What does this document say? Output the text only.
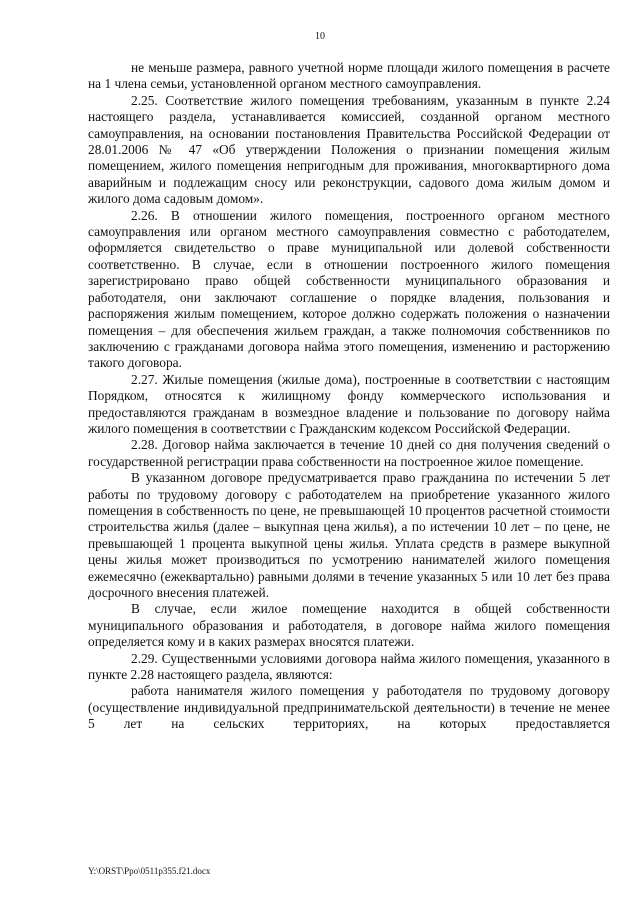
10

не меньше размера, равного учетной норме площади жилого помещения в расчете на 1 члена семьи, установленной органом местного самоуправления.

2.25. Соответствие жилого помещения требованиям, указанным в пункте 2.24 настоящего раздела, устанавливается комиссией, созданной органом местного самоуправления, на основании постановления Правительства Российской Федерации от 28.01.2006 № 47 «Об утверждении Положения о признании помещения жилым помещением, жилого помещения непригодным для проживания, многоквартирного дома аварийным и подлежащим сносу или реконструкции, садового дома жилым домом и жилого дома садовым домом».

2.26. В отношении жилого помещения, построенного органом местного самоуправления или органом местного самоуправления совместно с работодателем, оформляется свидетельство о праве муниципальной или долевой собственности соответственно. В случае, если в отношении построенного жилого помещения зарегистрировано право общей собственности муниципального образования и работодателя, они заключают соглашение о порядке владения, пользования и распоряжения жилым помещением, которое должно содержать положения о назначении помещения – для обеспечения жильем граждан, а также полномочия собственников по заключению с гражданами договора найма этого помещения, изменению и расторжению такого договора.

2.27. Жилые помещения (жилые дома), построенные в соответствии с настоящим Порядком, относятся к жилищному фонду коммерческого использования и предоставляются гражданам в возмездное владение и пользование по договору найма жилого помещения в соответствии с Гражданским кодексом Российской Федерации.

2.28. Договор найма заключается в течение 10 дней со дня получения сведений о государственной регистрации права собственности на построенное жилое помещение.

В указанном договоре предусматривается право гражданина по истечении 5 лет работы по трудовому договору с работодателем на приобретение указанного жилого помещения в собственность по цене, не превышающей 10 процентов расчетной стоимости строительства жилья (далее – выкупная цена жилья), а по истечении 10 лет – по цене, не превышающей 1 процента выкупной цены жилья. Уплата средств в размере выкупной цены жилья может производиться по усмотрению нанимателей жилого помещения ежемесячно (ежеквартально) равными долями в течение указанных 5 или 10 лет без права досрочного внесения платежей.

В случае, если жилое помещение находится в общей собственности муниципального образования и работодателя, в договоре найма жилого помещения определяется кому и в каких размерах вносятся платежи.

2.29. Существенными условиями договора найма жилого помещения, указанного в пункте 2.28 настоящего раздела, являются:

работа нанимателя жилого помещения у работодателя по трудовому договору (осуществление индивидуальной предпринимательской деятельности) в течение не менее 5 лет на сельских территориях, на которых предоставляется

Y:\ORST\Ppo\0511p355.f21.docx
